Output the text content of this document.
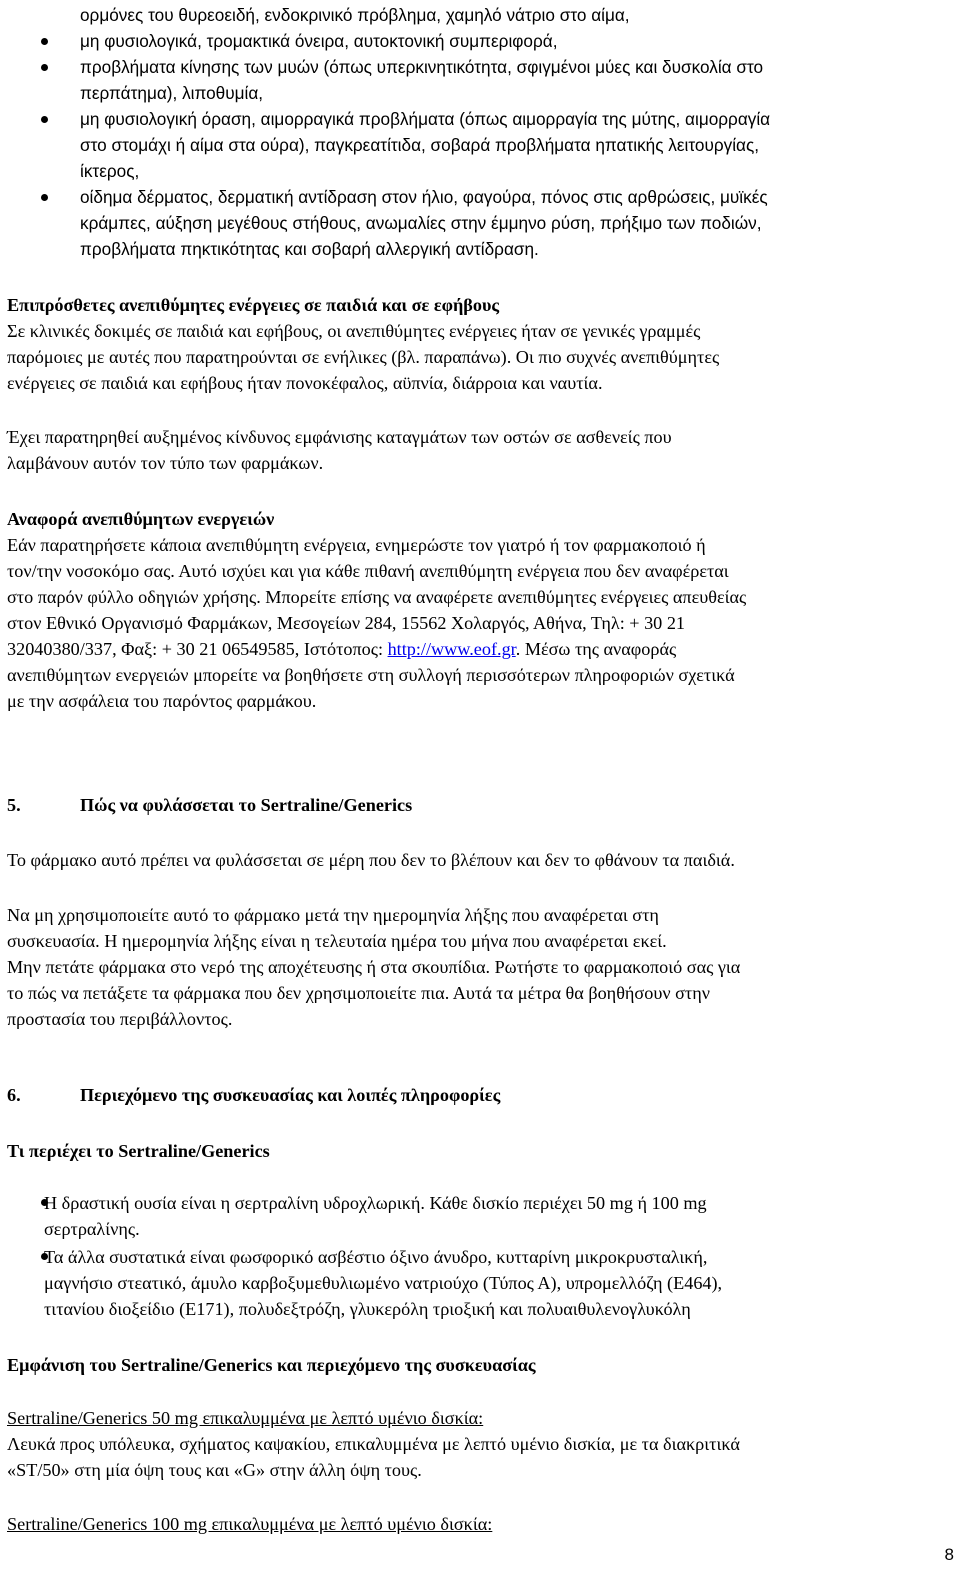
ορμόνες του θυρεοειδή, ενδοκρινικό πρόβλημα, χαμηλό νάτριο στο αίμα,
μη φυσιολογικά, τρομακτικά όνειρα, αυτοκτονική συμπεριφορά,
προβλήματα κίνησης των μυών (όπως υπερκινητικότητα, σφιγμένοι μύες και δυσκολία στο
περπάτημα), λιποθυμία,
μη φυσιολογική όραση, αιμορραγικά προβλήματα (όπως αιμορραγία της μύτης, αιμορραγία
στο στομάχι ή αίμα στα ούρα), παγκρεατίτιδα, σοβαρά προβλήματα ηπατικής λειτουργίας,
ίκτερος,
οίδημα δέρματος, δερματική αντίδραση στον ήλιο, φαγούρα, πόνος στις αρθρώσεις, μυϊκές
κράμπες, αύξηση μεγέθους στήθους, ανωμαλίες στην έμμηνο ρύση, πρήξιμο των ποδιών,
προβλήματα πηκτικότητας και σοβαρή αλλεργική αντίδραση.
Επιπρόσθετες ανεπιθύμητες ενέργειες σε παιδιά και σε εφήβους
Σε κλινικές δοκιμές σε παιδιά και εφήβους, οι ανεπιθύμητες ενέργειες ήταν σε γενικές γραμμές
παρόμοιες με αυτές που παρατηρούνται σε ενήλικες (βλ. παραπάνω). Οι πιο συχνές ανεπιθύμητες
ενέργειες σε παιδιά και εφήβους ήταν πονοκέφαλος, αϋπνία, διάρροια και ναυτία.
Έχει παρατηρηθεί αυξημένος κίνδυνος εμφάνισης καταγμάτων των οστών σε ασθενείς που
λαμβάνουν αυτόν τον τύπο των φαρμάκων.
Αναφορά ανεπιθύμητων ενεργειών
Εάν παρατηρήσετε κάποια ανεπιθύμητη ενέργεια, ενημερώστε τον γιατρό ή τον φαρμακοποιό ή
τον/την νοσοκόμο σας. Αυτό ισχύει και για κάθε πιθανή ανεπιθύμητη ενέργεια που δεν αναφέρεται
στο παρόν φύλλο οδηγιών χρήσης. Μπορείτε επίσης να αναφέρετε ανεπιθύμητες ενέργειες απευθείας
στον Εθνικό Οργανισμό Φαρμάκων, Μεσογείων 284, 15562 Χολαργός, Αθήνα, Τηλ: + 30 21
32040380/337, Φαξ: + 30 21 06549585, Ιστότοπος: http://www.eof.gr. Μέσω της αναφοράς
ανεπιθύμητων ενεργειών μπορείτε να βοηθήσετε στη συλλογή περισσότερων πληροφοριών σχετικά
με την ασφάλεια του παρόντος φαρμάκου.
5.	Πώς να φυλάσσεται το Sertraline/Generics
Το φάρμακο αυτό πρέπει να φυλάσσεται σε μέρη που δεν το βλέπουν και δεν το φθάνουν τα παιδιά.
Να μη χρησιμοποιείτε αυτό το φάρμακο μετά την ημερομηνία λήξης που αναφέρεται στη
συσκευασία. Η ημερομηνία λήξης είναι η τελευταία ημέρα του μήνα που αναφέρεται εκεί.
Μην πετάτε φάρμακα στο νερό της αποχέτευσης ή στα σκουπίδια. Ρωτήστε το φαρμακοποιό σας για
το πώς να πετάξετε τα φάρμακα που δεν χρησιμοποιείτε πια. Αυτά τα μέτρα θα βοηθήσουν στην
προστασία του περιβάλλοντος.
6.	Περιεχόμενο της συσκευασίας και λοιπές πληροφορίες
Τι περιέχει το Sertraline/Generics
Η δραστική ουσία είναι η σερτραλίνη υδροχλωρική. Κάθε δισκίο περιέχει 50 mg ή 100 mg
σερτραλίνης.
Τα άλλα συστατικά είναι φωσφορικό ασβέστιο όξινο άνυδρο, κυτταρίνη μικροκρυσταλική,
μαγνήσιο στεατικό, άμυλο καρβοξυμεθυλιωμένο νατριούχο (Τύπος Α), υπρομελλόζη (Ε464),
τιτανίου διοξείδιο (Ε171), πολυδεξτρόζη, γλυκερόλη τριοξική και πολυαιθυλενογλυκόλη
Εμφάνιση του Sertraline/Generics και περιεχόμενο της συσκευασίας
Sertraline/Generics 50 mg επικαλυμμένα με λεπτό υμένιο δισκία:
Λευκά προς υπόλευκα, σχήματος καψακίου, επικαλυμμένα με λεπτό υμένιο δισκία, με τα διακριτικά
«ST/50» στη μία όψη τους και «G» στην άλλη όψη τους.
Sertraline/Generics 100 mg επικαλυμμένα με λεπτό υμένιο δισκία:
8
